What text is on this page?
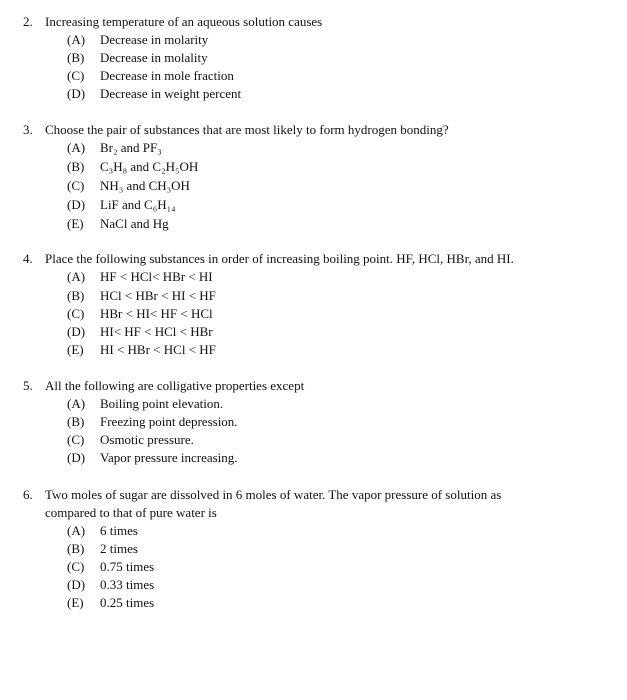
2. Increasing temperature of an aqueous solution causes
(A)	Decrease in molarity
(B)	Decrease in molality
(C)	Decrease in mole fraction
(D)	Decrease in weight percent
3. Choose the pair of substances that are most likely to form hydrogen bonding?
(A)	Br₂ and PF₃
(B)	C₃H₈ and C₂H₅OH
(C)	NH₃ and CH₃OH
(D)	LiF and C₆H₁₄
(E)	NaCl and Hg
4. Place the following substances in order of increasing boiling point. HF, HCl, HBr, and HI.
(A)	HF < HCl< HBr < HI
(B)	HCl < HBr < HI < HF
(C)	HBr < HI< HF < HCl
(D)	HI< HF < HCl < HBr
(E)	HI < HBr < HCl < HF
5. All the following are colligative properties except
(A)	Boiling point elevation.
(B)	Freezing point depression.
(C)	Osmotic pressure.
(D)	Vapor pressure increasing.
6. Two moles of sugar are dissolved in 6 moles of water. The vapor pressure of solution as
compared to that of pure water is
(A)	6 times
(B)	2 times
(C)	0.75 times
(D)	0.33 times
(E)	0.25 times
